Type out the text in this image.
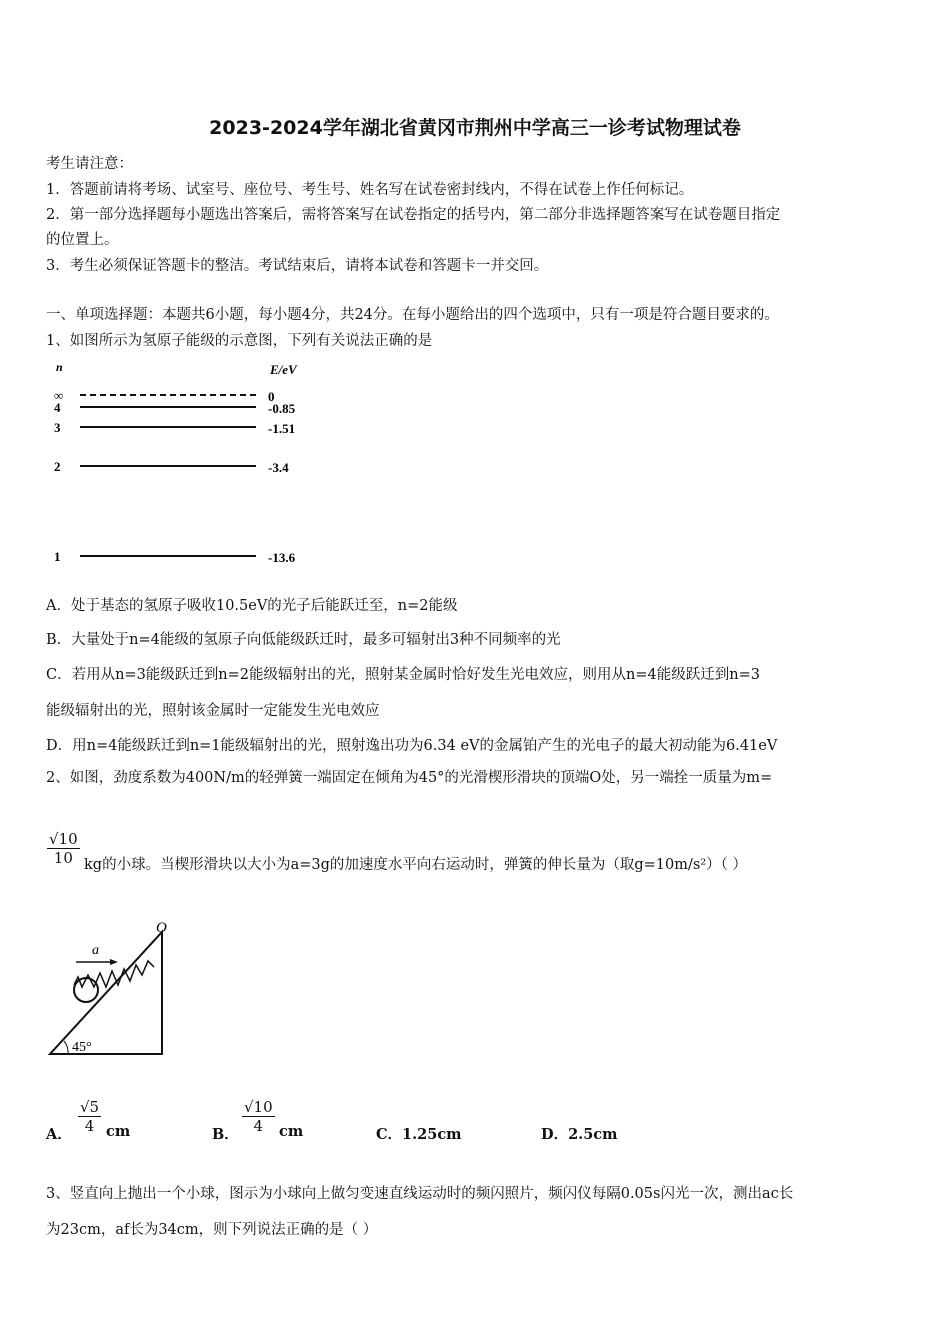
2023-2024学年湖北省黄冈市荆州中学高三一诊考试物理试卷
考生请注意：
1．答题前请将考场、试室号、座位号、考生号、姓名写在试卷密封线内，不得在试卷上作任何标记。
2．第一部分选择题每小题选出答案后，需将答案写在试卷指定的括号内，第二部分非选择题答案写在试卷题目指定
的位置上。
3．考生必须保证答题卡的整洁。考试结束后，请将本试卷和答题卡一并交回。
一、单项选择题：本题共6小题，每小题4分，共24分。在每小题给出的四个选项中，只有一项是符合题目要求的。
1、如图所示为氢原子能级的示意图，下列有关说法正确的是
n	E/eV
∞	0
4	-0.85
3	-1.51
2	-3.4
1	-13.6
A．处于基态的氢原子吸收10.5eV的光子后能跃迁至，n=2能级
B．大量处于n=4能级的氢原子向低能级跃迁时，最多可辐射出3种不同频率的光
C．若用从n=3能级跃迁到n=2能级辐射出的光，照射某金属时恰好发生光电效应，则用从n=4能级跃迁到n=3
能级辐射出的光，照射该金属时一定能发生光电效应
D．用n=4能级跃迁到n=1能级辐射出的光，照射逸出功为6.34 eV的金属铂产生的光电子的最大初动能为6.41eV
2、如图，劲度系数为400N/m的轻弹簧一端固定在倾角为45°的光滑楔形滑块的顶端O处，另一端拴一质量为m=
$\frac{√10}{10}$ kg的小球。当楔形滑块以大小为a=3g的加速度水平向右运动时，弹簧的伸长量为（取g=10m/s²）（ ）
a
O
45°
A． $\frac{√5}{4}$ cm	B． $\frac{√10}{4}$ cm	C．1.25cm	D．2.5cm
3、竖直向上抛出一个小球，图示为小球向上做匀变速直线运动时的频闪照片，频闪仪每隔0.05s闪光一次，测出ac长
为23cm，af长为34cm，则下列说法正确的是（ ）
